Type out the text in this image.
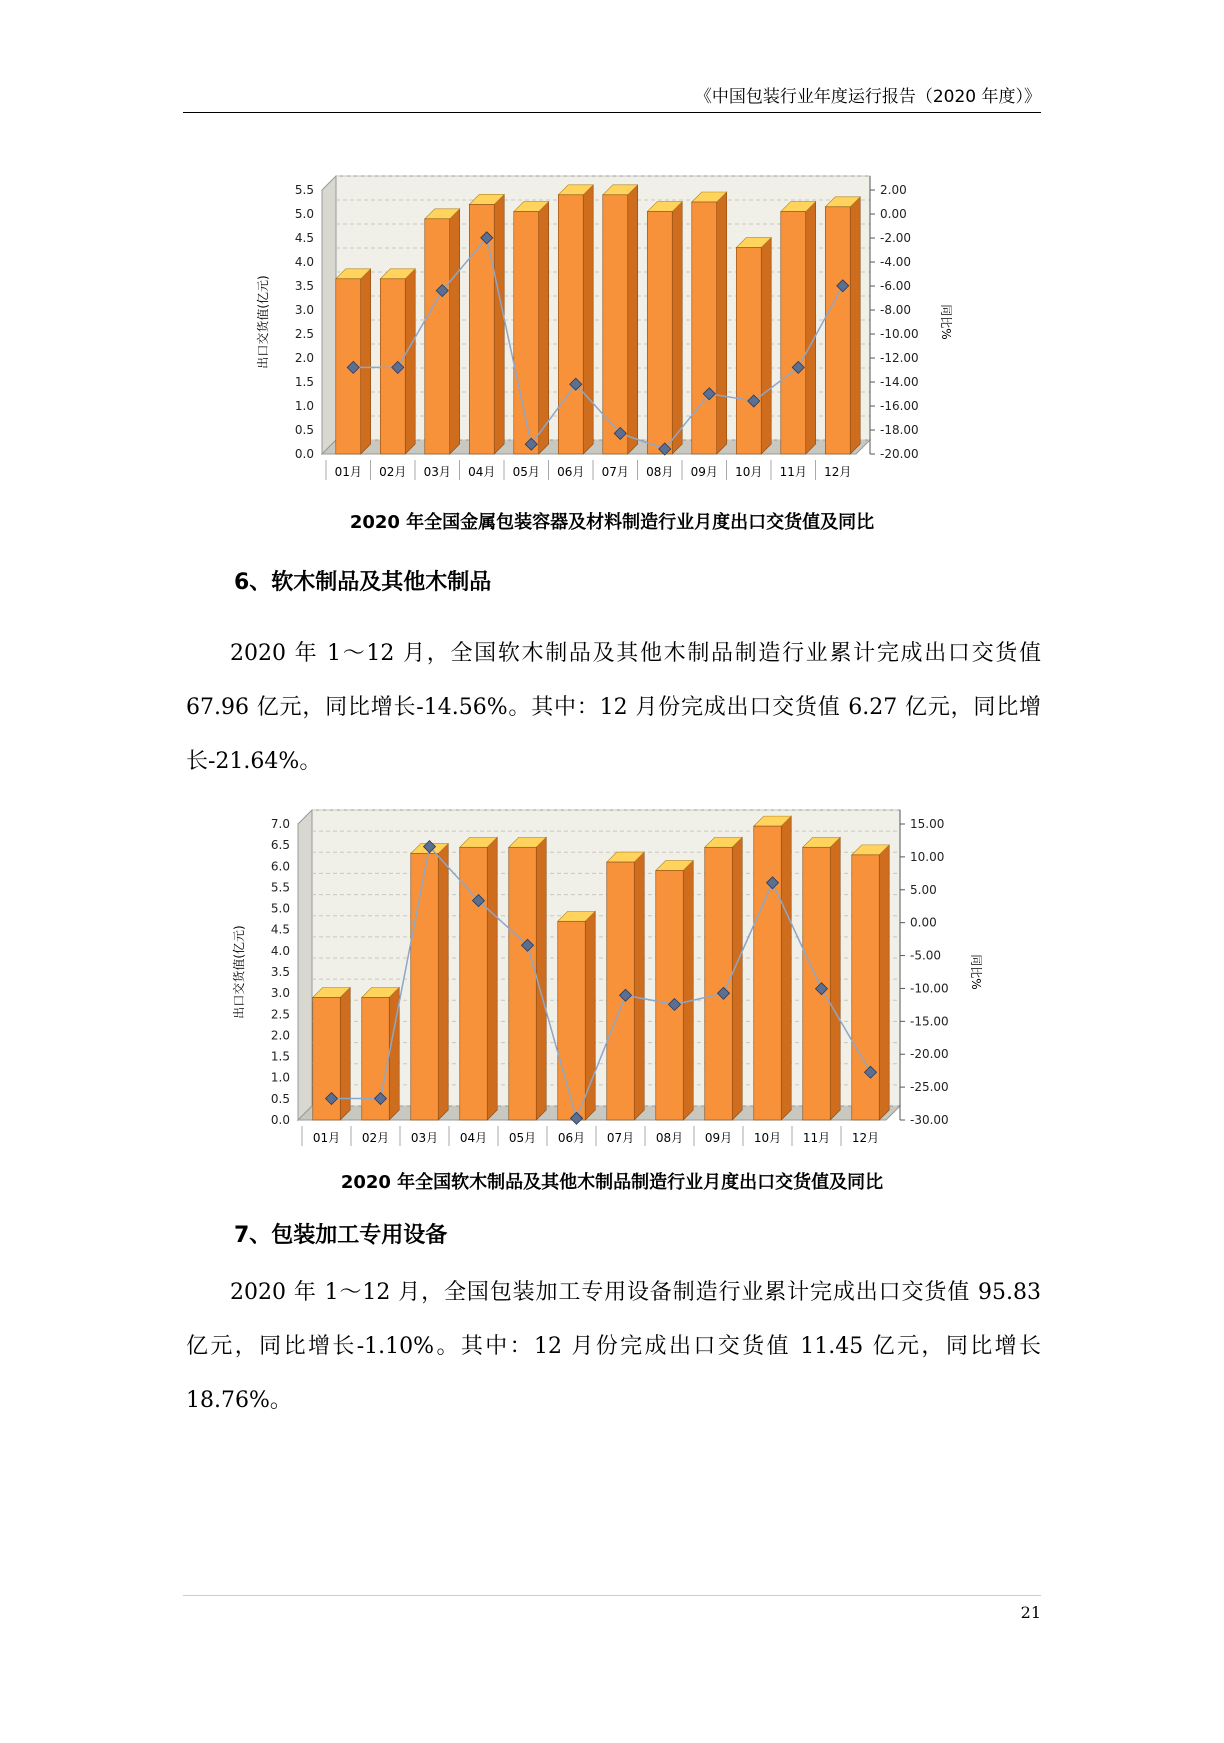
《中国包装行业年度运行报告（2020 年度）》
0.0
0.5
1.0
1.5
2.0
2.5
3.0
3.5
4.0
4.5
5.0
5.5
-20.00
-18.00
-16.00
-14.00
-12.00
-10.00
-8.00
-6.00
-4.00
-2.00
0.00
2.00
出口交货值(亿元)	同比%
01月 02月 03月 04月 05月 06月 07月 08月 09月 10月 11月 12月
2020 年全国金属包装容器及材料制造行业月度出口交货值及同比
6、软木制品及其他木制品
2020 年 1～12 月，全国软木制品及其他木制品制造行业累计完成出口交货值 67.96 亿元，同比增长-14.56%。其中：12 月份完成出口交货值 6.27 亿元，同比增长-21.64%。
0.0
0.5
1.0
1.5
2.0
2.5
3.0
3.5
4.0
4.5
5.0
5.5
6.0
6.5
7.0
-30.00
-25.00
-20.00
-15.00
-10.00
-5.00
0.00
5.00
10.00
15.00
出口交货值(亿元)	同比%
01月 02月 03月 04月 05月 06月 07月 08月 09月 10月 11月 12月
2020 年全国软木制品及其他木制品制造行业月度出口交货值及同比
7、包装加工专用设备
2020 年 1～12 月，全国包装加工专用设备制造行业累计完成出口交货值 95.83 亿元，同比增长-1.10%。其中：12 月份完成出口交货值 11.45 亿元，同比增长 18.76%。
21
